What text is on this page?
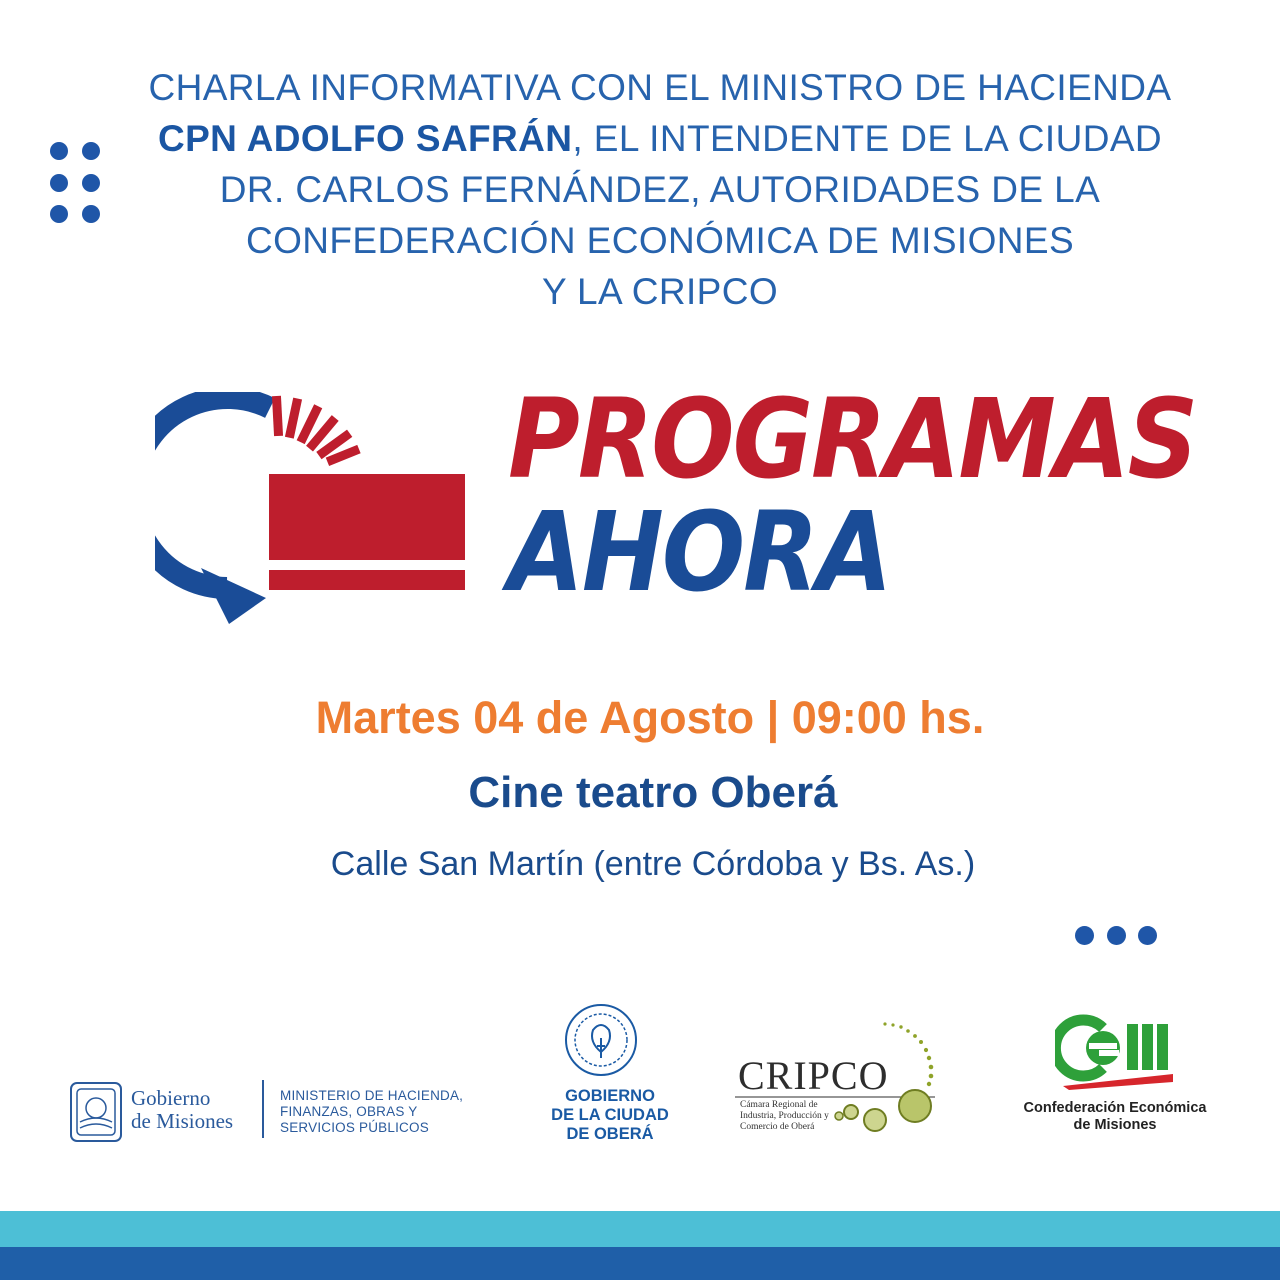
CHARLA INFORMATIVA CON EL MINISTRO DE HACIENDA
CPN ADOLFO SAFRÁN, EL INTENDENTE DE LA CIUDAD
DR. CARLOS FERNÁNDEZ, AUTORIDADES DE LA
CONFEDERACIÓN ECONÓMICA DE MISIONES
Y LA CRIPCO
PROGRAMAS
AHORA
Martes 04 de Agosto | 09:00 hs.
Cine teatro Oberá
Calle San Martín (entre Córdoba y Bs. As.)
Gobierno
de Misiones
MINISTERIO DE HACIENDA,
FINANZAS, OBRAS Y
SERVICIOS PÚBLICOS
GOBIERNO
DE LA CIUDAD
DE OBERÁ
CRIPCO
Cámara Regional de
Industria, Producción y
Comercio de Oberá
Confederación Económica
de Misiones
